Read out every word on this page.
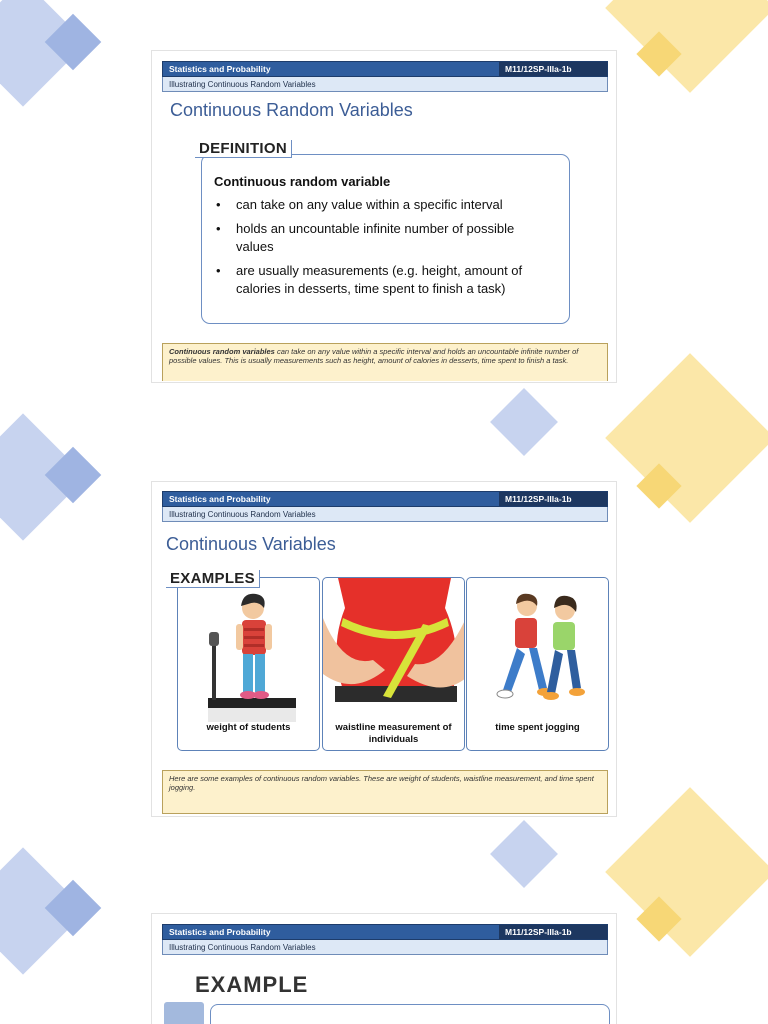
Statistics and Probability	M11/12SP-IIIa-1b
Illustrating Continuous Random Variables
Continuous Random Variables
Continuous random variable
• can take on any value within a specific interval
• holds an uncountable infinite number of possible values
• are usually measurements (e.g. height, amount of calories in desserts, time spent to finish a task)
DEFINITION
Continuous random variables can take on any value within a specific interval and holds an uncountable infinite number of possible values. This is usually measurements such as height, amount of calories in desserts, time spent to finish a task.
Statistics and Probability	M11/12SP-IIIa-1b
Illustrating Continuous Random Variables
Continuous Variables
weight of students	waistline measurement of individuals
time spent jogging
EXAMPLES
Here are some examples of continuous random variables. These are weight of students, waistline measurement, and time spent jogging.
Statistics and Probability	M11/12SP-IIIa-1b
Illustrating Continuous Random Variables
EXAMPLE
